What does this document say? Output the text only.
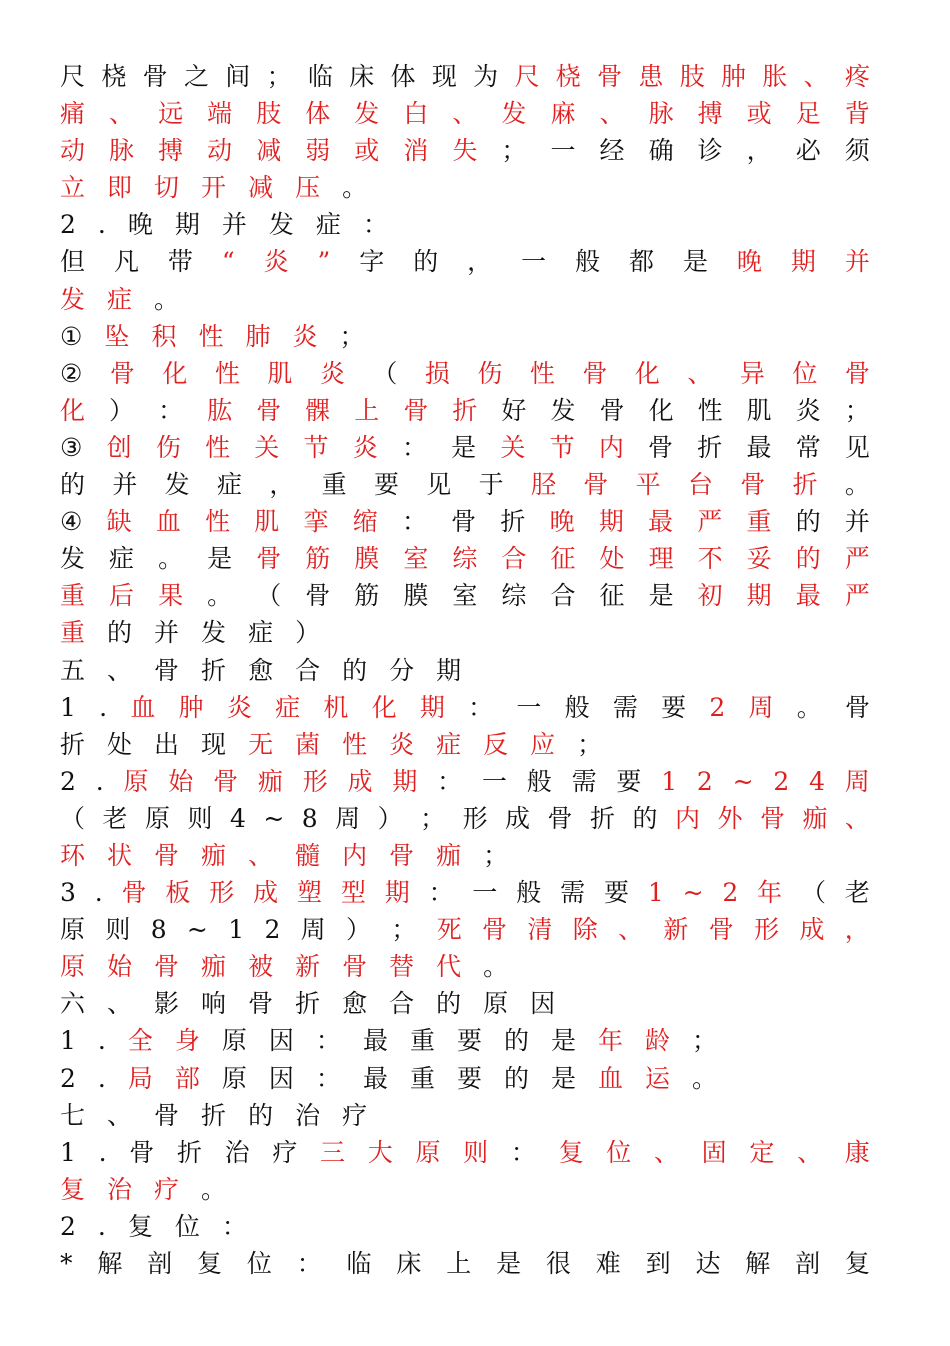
尺 桡 骨 之 间 ； 临 床 体 现 为 尺 桡 骨 患 肢 肿 胀 、 疼
痛 、 远 端 肢 体 发 白 、 发 麻 、 脉 搏 或 足 背
动 脉 搏 动 减 弱 或 消 失 ； 一 经 确 诊 ， 必 须
立 即 切 开 减 压 。
2 . 晚 期 并 发 症 ：
但 凡 带 “ 炎 ” 字 的 ， 一 般 都 是 晚 期 并
发 症 。
① 坠 积 性 肺 炎 ；
② 骨 化 性 肌 炎 （ 损 伤 性 骨 化 、 异 位 骨
化 ） ： 肱 骨 髁 上 骨 折 好 发 骨 化 性 肌 炎 ；
③ 创 伤 性 关 节 炎 ： 是 关 节 内 骨 折 最 常 见
的 并 发 症 ， 重 要 见 于 胫 骨 平 台 骨 折 。
④ 缺 血 性 肌 挛 缩 ： 骨 折 晚 期 最 严 重 的 并
发 症 。 是 骨 筋 膜 室 综 合 征 处 理 不 妥 的 严
重 后 果 。 （ 骨 筋 膜 室 综 合 征 是 初 期 最 严
重 的 并 发 症 ）
五 、 骨 折 愈 合 的 分 期
1 . 血 肿 炎 症 机 化 期 ： 一 般 需 要 2 周 。 骨
折 处 出 现 无 菌 性 炎 症 反 应 ；
2 . 原 始 骨 痂 形 成 期 ： 一 般 需 要 1 2 ~ 2 4 周
（ 老 原 则 4 ~ 8 周 ） ； 形 成 骨 折 的 内 外 骨 痂 、
环 状 骨 痂 、 髓 内 骨 痂 ；
3 . 骨 板 形 成 塑 型 期 ： 一 般 需 要 1 ~ 2 年 （ 老
原 则 8 ~ 1 2 周 ） ； 死 骨 清 除 、 新 骨 形 成 ，
原 始 骨 痂 被 新 骨 替 代 。
六 、 影 响 骨 折 愈 合 的 原 因
1 . 全 身 原 因 ： 最 重 要 的 是 年 龄 ；
2 . 局 部 原 因 ： 最 重 要 的 是 血 运 。
七 、 骨 折 的 治 疗
1 . 骨 折 治 疗 三 大 原 则 ： 复 位 、 固 定 、 康
复 治 疗 。
2 . 复 位 ：
* 解 剖 复 位 ： 临 床 上 是 很 难 到 达 解 剖 复
